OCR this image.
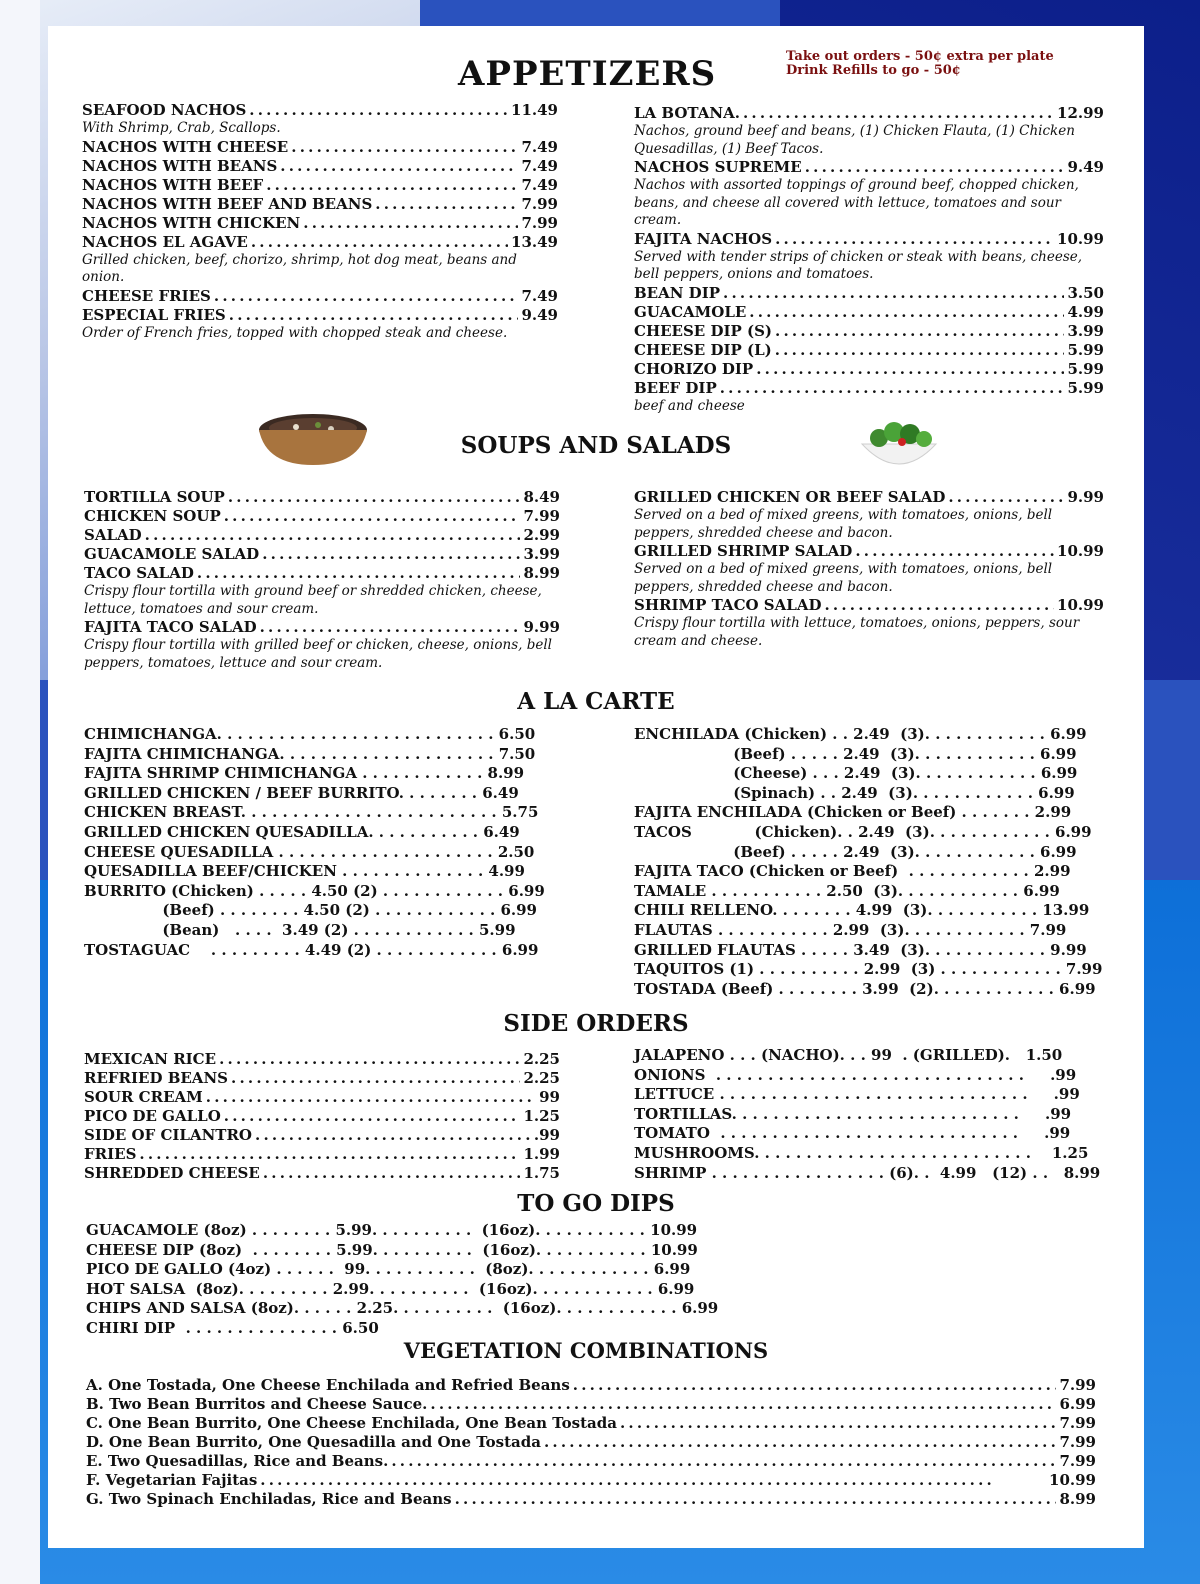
APPETIZERS	Take out orders - 50¢ extra per plate
Drink Refills to go - 50¢
SEAFOOD NACHOS . . .	11.49
With Shrimp, Crab, Scallops.
NACHOS WITH CHEESE . . .	7.49
NACHOS WITH BEANS . . .	7.49
NACHOS WITH BEEF . . .	7.49
NACHOS WITH BEEF AND BEANS . . .	7.99
NACHOS WITH CHICKEN . . .	7.99
NACHOS EL AGAVE . . .	13.49
Grilled chicken, beef, chorizo, shrimp, hot dog meat, beans and onion.
CHEESE FRIES . . .	7.49
ESPECIAL FRIES . . .	9.49
Order of French fries, topped with chopped steak and cheese.
LA BOTANA. . . .	12.99
Nachos, ground beef and beans, (1) Chicken Flauta, (1) Chicken Quesadillas, (1) Beef Tacos.
NACHOS SUPREME . . .	9.49
Nachos with assorted toppings of ground beef, chopped chicken, beans, and cheese all covered with lettuce, tomatoes and sour cream.
FAJITA NACHOS . . .	10.99
Served with tender strips of chicken or steak with beans, cheese, bell peppers, onions and tomatoes.
BEAN DIP . . .	3.50
GUACAMOLE . . .	4.99
CHEESE DIP (S) . . .	3.99
CHEESE DIP (L) . . .	5.99
CHORIZO DIP . . .	5.99
BEEF DIP . . .	5.99
beef and cheese
SOUPS AND SALADS
TORTILLA SOUP . . .	8.49
CHICKEN SOUP . . .	7.99
SALAD . . .	2.99
GUACAMOLE SALAD . . .	3.99
TACO SALAD . . .	8.99
Crispy flour tortilla with ground beef or shredded chicken, cheese, lettuce, tomatoes and sour cream.
FAJITA TACO SALAD . . .	9.99
Crispy flour tortilla with grilled beef or chicken, cheese, onions, bell peppers, tomatoes, lettuce and sour cream.
GRILLED CHICKEN OR BEEF SALAD . . .	9.99
Served on a bed of mixed greens, with tomatoes, onions, bell peppers, shredded cheese and bacon.
GRILLED SHRIMP SALAD . . .	10.99
Served on a bed of mixed greens, with tomatoes, onions, bell peppers, shredded cheese and bacon.
SHRIMP TACO SALAD . . .	10.99
Crispy flour tortilla with lettuce, tomatoes, onions, peppers, sour cream and cheese.
A LA CARTE
CHIMICHANGA. . . . . . . . . . . . . . . . . . . . . . . . . . . 6.50
FAJITA CHIMICHANGA. . . . . . . . . . . . . . . . . . . . . 7.50
FAJITA SHRIMP CHIMICHANGA . . . . . . . . . . . . 8.99
GRILLED CHICKEN / BEEF BURRITO. . . . . . . . 6.49
CHICKEN BREAST. . . . . . . . . . . . . . . . . . . . . . . . . 5.75
GRILLED CHICKEN QUESADILLA. . . . . . . . . . . 6.49
CHEESE QUESADILLA . . . . . . . . . . . . . . . . . . . . . 2.50
QUESADILLA BEEF/CHICKEN . . . . . . . . . . . . . . 4.99
BURRITO (Chicken) . . . . . 4.50 (2) . . . . . . . . . . . . 6.99
(Beef) . . . . . . . . 4.50 (2) . . . . . . . . . . . . 6.99
(Bean)   . . . .  3.49 (2) . . . . . . . . . . . . 5.99
TOSTAGUAC    . . . . . . . . . 4.49 (2) . . . . . . . . . . . . 6.99
ENCHILADA (Chicken) . . 2.49  (3). . . . . . . . . . . . 6.99
(Beef) . . . . . 2.49  (3). . . . . . . . . . . . 6.99
(Cheese) . . . 2.49  (3). . . . . . . . . . . . 6.99
(Spinach) . . 2.49  (3). . . . . . . . . . . . 6.99
FAJITA ENCHILADA (Chicken or Beef) . . . . . . . 2.99
TACOS            (Chicken). . 2.49  (3). . . . . . . . . . . . 6.99
(Beef) . . . . . 2.49  (3). . . . . . . . . . . . 6.99
FAJITA TACO (Chicken or Beef)  . . . . . . . . . . . . 2.99
TAMALE . . . . . . . . . . . 2.50  (3). . . . . . . . . . . . 6.99
CHILI RELLENO. . . . . . . . 4.99  (3). . . . . . . . . . . 13.99
FLAUTAS . . . . . . . . . . . 2.99  (3). . . . . . . . . . . . 7.99
GRILLED FLAUTAS . . . . . 3.49  (3). . . . . . . . . . . . 9.99
TAQUITOS (1) . . . . . . . . . . 2.99  (3) . . . . . . . . . . . . 7.99
TOSTADA (Beef) . . . . . . . . 3.99  (2). . . . . . . . . . . . 6.99
SIDE ORDERS
MEXICAN RICE . . .	2.25
REFRIED BEANS . . .	2.25
SOUR CREAM . . .	99
PICO DE GALLO . . .	1.25
SIDE OF CILANTRO . . .	.99
FRIES . . .	1.99
SHREDDED CHEESE . . .	1.75
JALAPENO . . . (NACHO). . . 99  . (GRILLED).   1.50
ONIONS  . . . . . . . . . . . . . . . . . . . . . . . . . . . . . .     .99
LETTUCE . . . . . . . . . . . . . . . . . . . . . . . . . . . . . .     .99
TORTILLAS. . . . . . . . . . . . . . . . . . . . . . . . . . . .     .99
TOMATO  . . . . . . . . . . . . . . . . . . . . . . . . . . . . .     .99
MUSHROOMS. . . . . . . . . . . . . . . . . . . . . . . . . . .    1.25
SHRIMP . . . . . . . . . . . . . . . . . (6). .  4.99   (12) . .   8.99
TO GO DIPS
GUACAMOLE (8oz) . . . . . . . . 5.99. . . . . . . . . .  (16oz). . . . . . . . . . . 10.99
CHEESE DIP (8oz)  . . . . . . . . 5.99. . . . . . . . . .  (16oz). . . . . . . . . . . 10.99
PICO DE GALLO (4oz) . . . . . .  99. . . . . . . . . . .  (8oz). . . . . . . . . . . . 6.99
HOT SALSA  (8oz). . . . . . . . . 2.99. . . . . . . . . .  (16oz). . . . . . . . . . . . 6.99
CHIPS AND SALSA (8oz). . . . . . 2.25. . . . . . . . . .  (16oz). . . . . . . . . . . . 6.99
CHIRI DIP  . . . . . . . . . . . . . . . 6.50
VEGETATION COMBINATIONS
A. One Tostada, One Cheese Enchilada and Refried Beans . . .	7.99
B. Two Bean Burritos and Cheese Sauce. . . .	6.99
C. One Bean Burrito, One Cheese Enchilada, One Bean Tostada . . .	7.99
D. One Bean Burrito, One Quesadilla and One Tostada . . .	7.99
E. Two Quesadillas, Rice and Beans. . . .	7.99
F. Vegetarian Fajitas . . .	10.99
G. Two Spinach Enchiladas, Rice and Beans . . .	8.99
